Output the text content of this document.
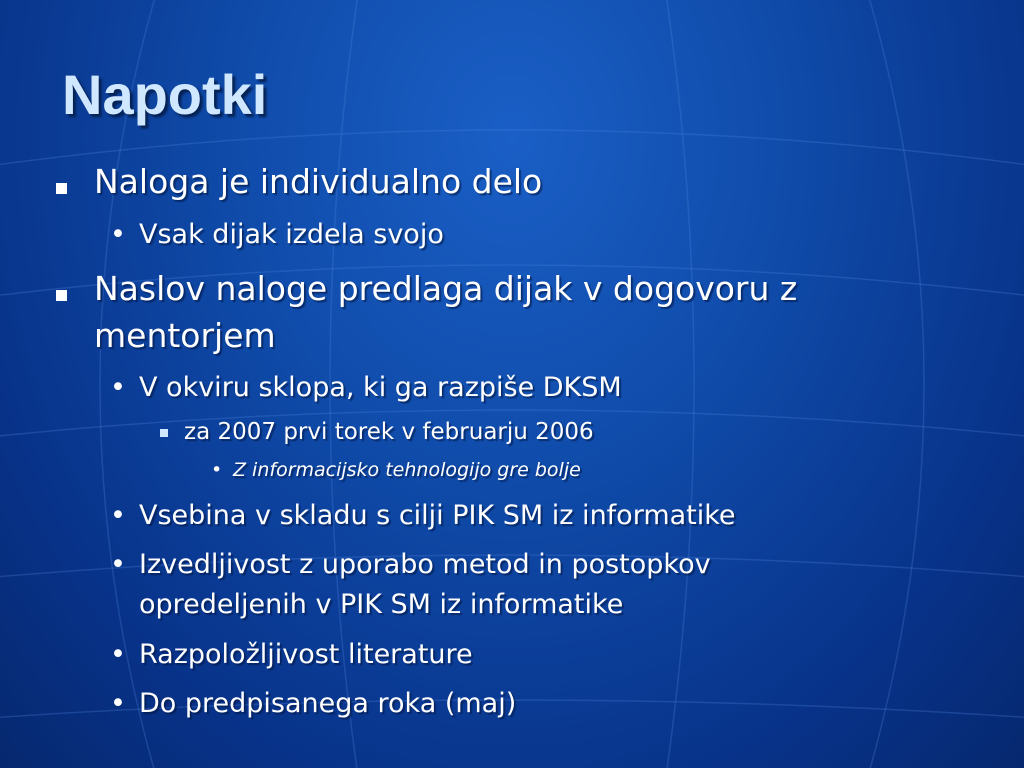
Napotki
Naloga je individualno delo
• Vsak dijak izdela svojo
Naslov naloge predlaga dijak v dogovoru z
mentorjem
• V okviru sklopa, ki ga razpiše DKSM
za 2007 prvi torek v februarju 2006
• Z informacijsko tehnologijo gre bolje
• Vsebina v skladu s cilji PIK SM iz informatike
• Izvedljivost z uporabo metod in postopkov
opredeljenih v PIK SM iz informatike
• Razpoložljivost literature
• Do predpisanega roka (maj)
